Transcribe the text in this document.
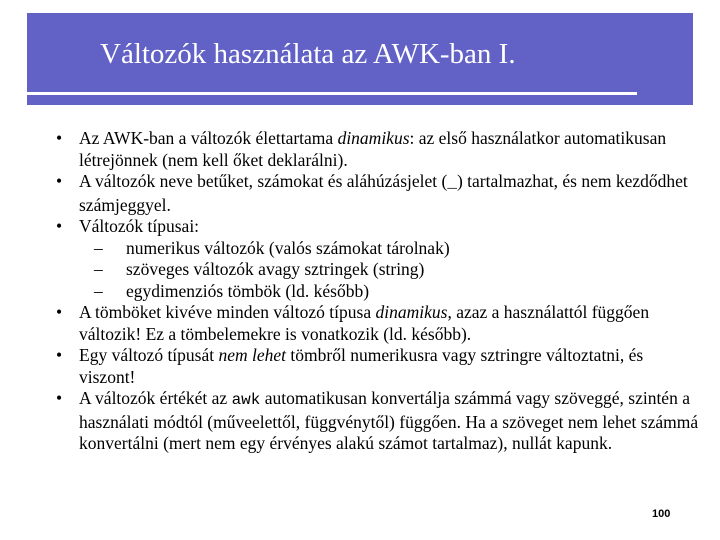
Változók használata az AWK-ban I.
• Az AWK-ban a változók élettartama dinamikus: az első használatkor automatikusan létrejönnek (nem kell őket deklarálni).
• A változók neve betűket, számokat és aláhúzásjelet (_) tartalmazhat, és nem kezdődhet számjeggyel.
• Változók típusai:
– numerikus változók (valós számokat tárolnak)
– szöveges változók avagy sztringek (string)
– egydimenziós tömbök (ld. később)
• A tömböket kivéve minden változó típusa dinamikus, azaz a használattól függően változik! Ez a tömbelemekre is vonatkozik (ld. később).
• Egy változó típusát nem lehet tömbről numerikusra vagy sztringre változtatni, és viszont!
• A változók értékét az awk automatikusan konvertálja számmá vagy szöveggé, szintén a használati módtól (műveelettől, függvénytől) függően. Ha a szöveget nem lehet számmá konvertálni (mert nem egy érvényes alakú számot tartalmaz), nullát kapunk.
100
